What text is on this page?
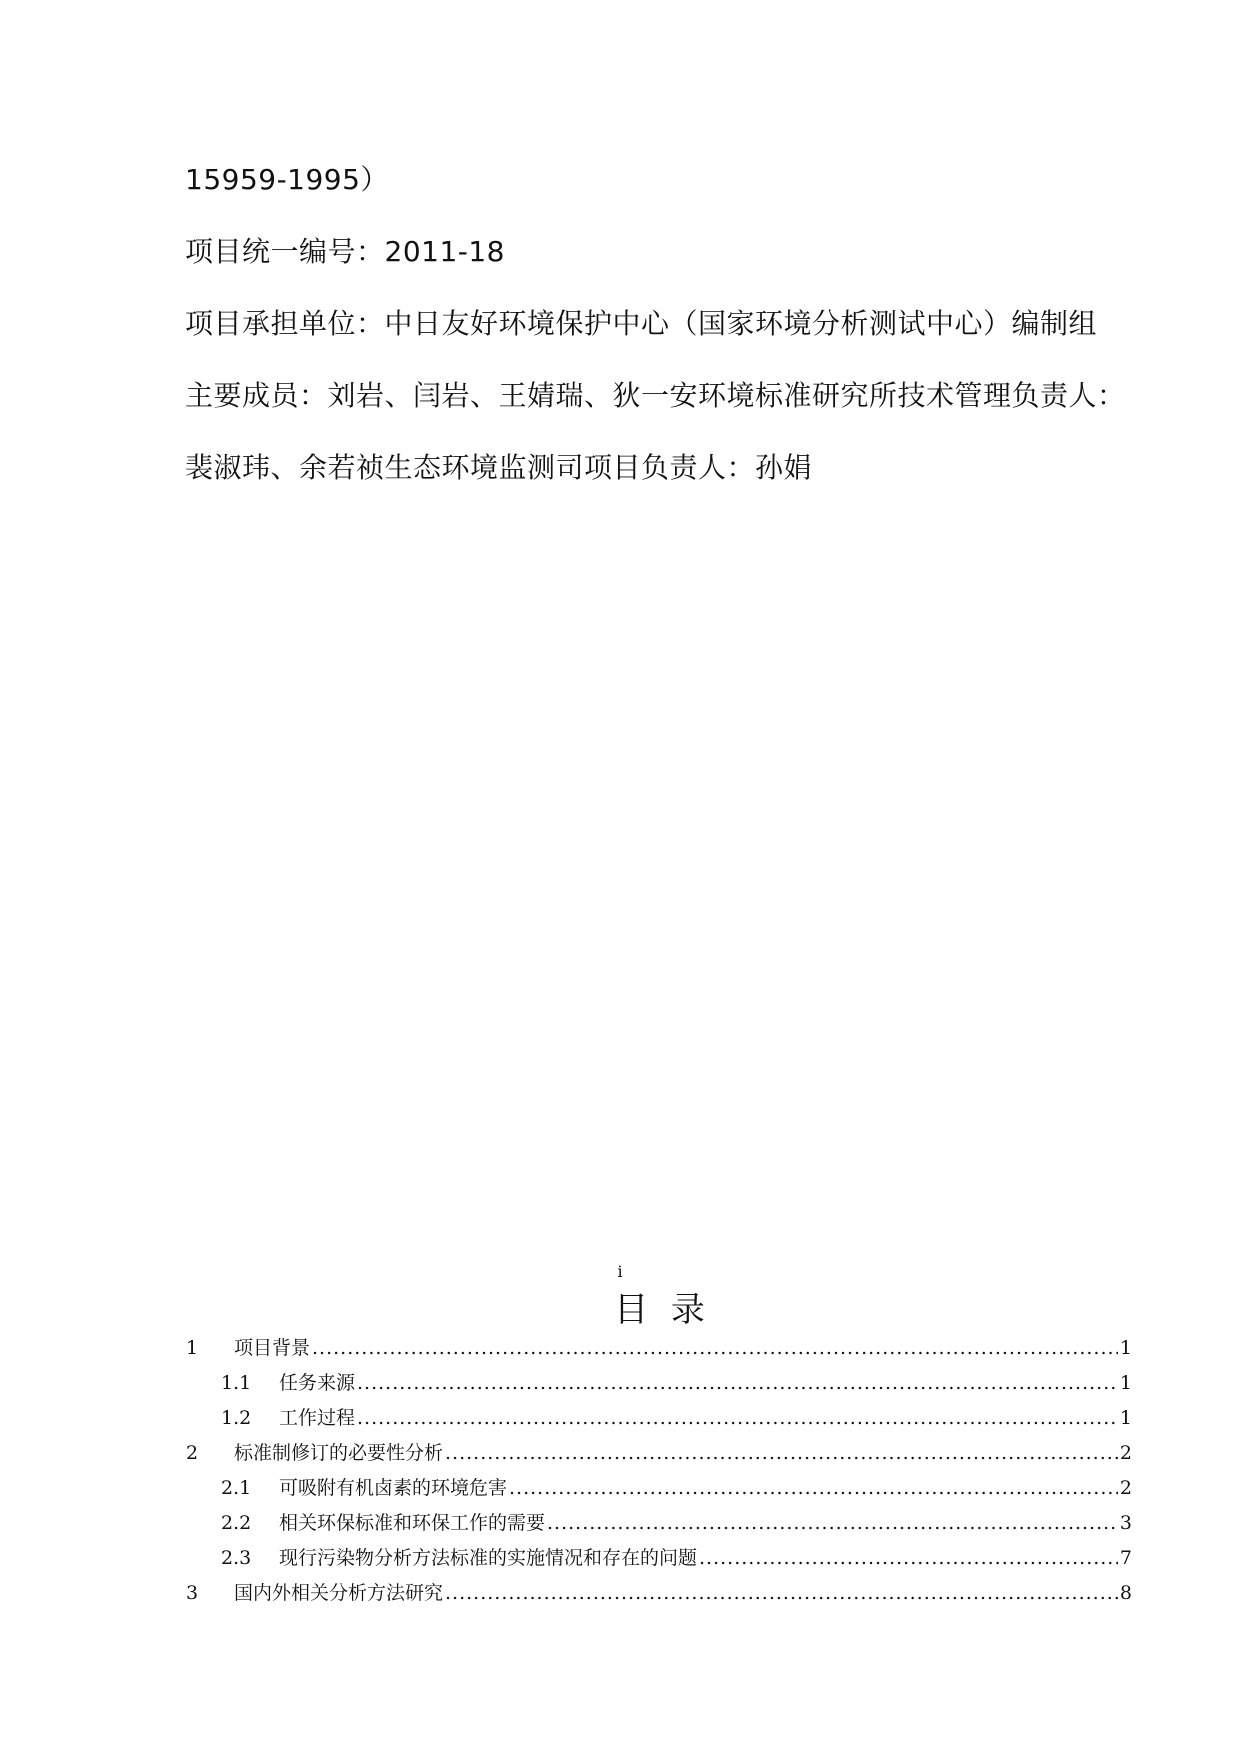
15959-1995）
项目统一编号：2011-18
项目承担单位：中日友好环境保护中心（国家环境分析测试中心）编制组
主要成员：刘岩、闫岩、王婧瑞、狄一安环境标准研究所技术管理负责人：
裴淑玮、余若祯生态环境监测司项目负责人：孙娟
i
目 录
1	项目背景 .....	1
1.1	任务来源 .....	1
1.2	工作过程 .....	1
2	标准制修订的必要性分析 .....	2
2.1	可吸附有机卤素的环境危害 .....	2
2.2	相关环保标准和环保工作的需要 .....	3
2.3	现行污染物分析方法标准的实施情况和存在的问题 .....	7
3	国内外相关分析方法研究 .....	8
